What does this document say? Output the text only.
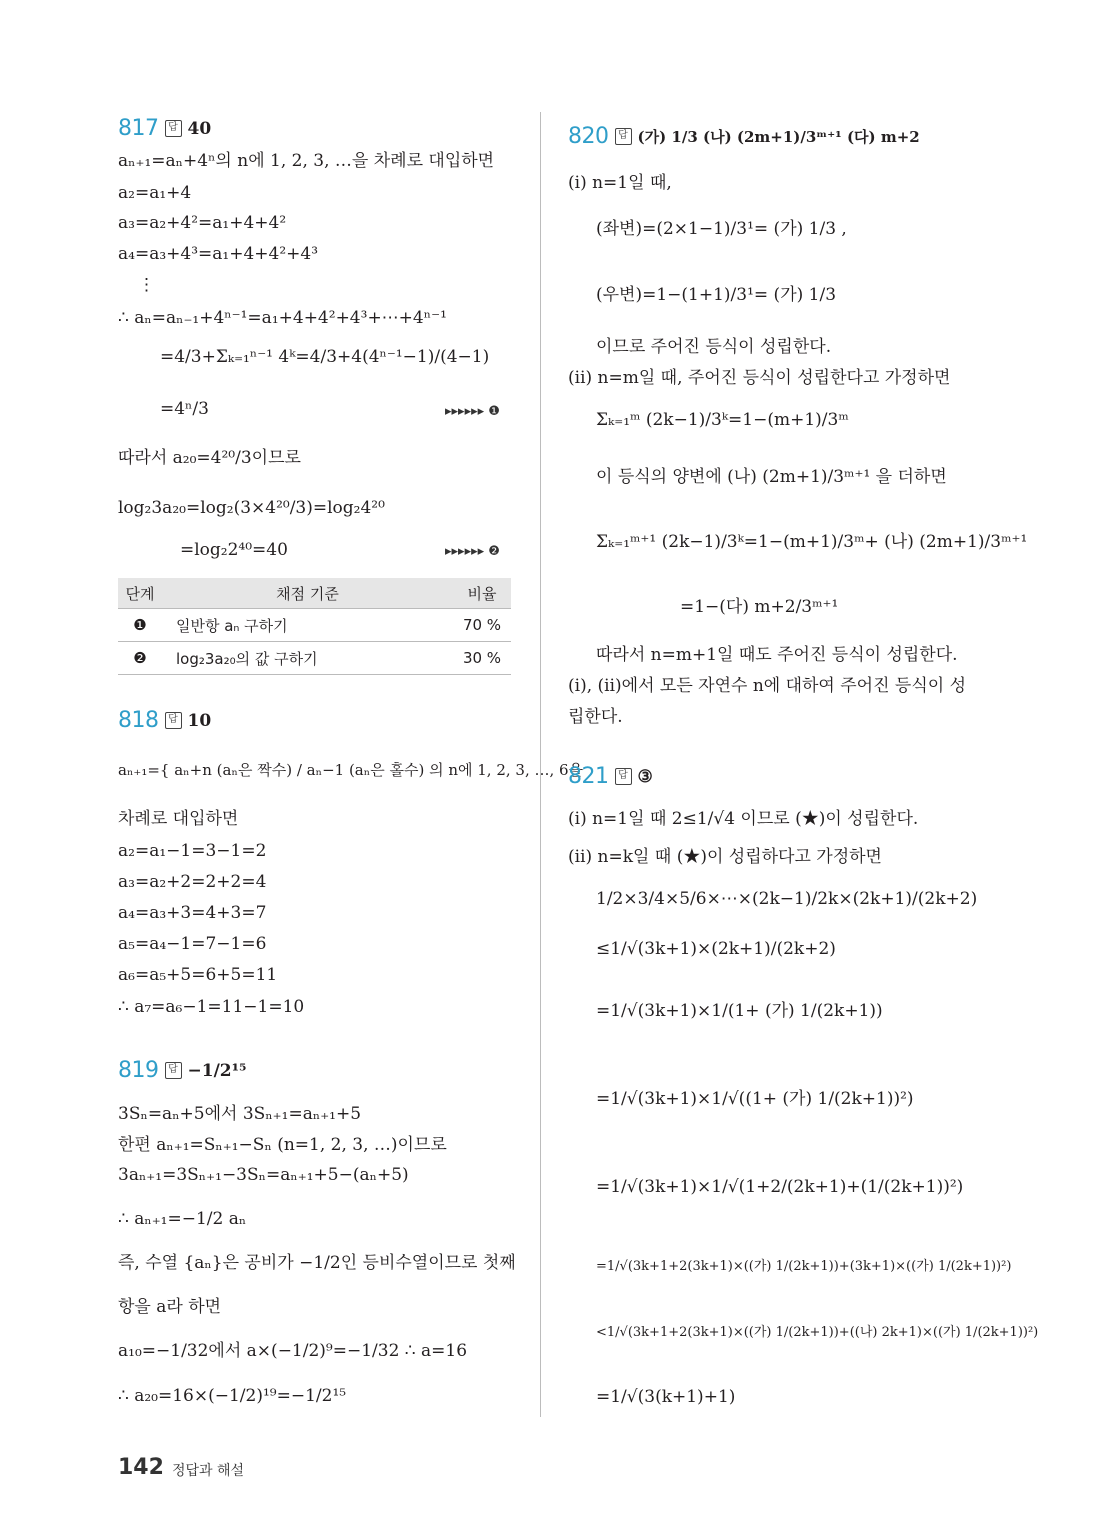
817 답 40
aₙ₊₁=aₙ+4ⁿ의 n에 1, 2, 3, …을 차례로 대입하면
a₂=a₁+4
a₃=a₂+4²=a₁+4+4²
a₄=a₃+4³=a₁+4+4²+4³
⋮
∴ aₙ=aₙ₋₁+4ⁿ⁻¹=a₁+4+4²+4³+⋯+4ⁿ⁻¹
=4/3+Σₖ₌₁ⁿ⁻¹ 4ᵏ=4/3+4(4ⁿ⁻¹−1)/(4−1)
=4ⁿ/3	▸▸▸▸▸▸ ❶
따라서 a₂₀=4²⁰/3이므로
log₂3a₂₀=log₂(3×4²⁰/3)=log₂4²⁰
=log₂2⁴⁰=40	▸▸▸▸▸▸ ❷
단계	채점 기준	비율
❶	일반항 aₙ 구하기	70 %
❷	log₂3a₂₀의 값 구하기	30 %
818 답 10
aₙ₊₁={ aₙ+n (aₙ은 짝수) / aₙ−1 (aₙ은 홀수) 의 n에 1, 2, 3, …, 6을
차례로 대입하면
a₂=a₁−1=3−1=2
a₃=a₂+2=2+2=4
a₄=a₃+3=4+3=7
a₅=a₄−1=7−1=6
a₆=a₅+5=6+5=11
∴ a₇=a₆−1=11−1=10
819 답 −1/2¹⁵
3Sₙ=aₙ+5에서 3Sₙ₊₁=aₙ₊₁+5
한편 aₙ₊₁=Sₙ₊₁−Sₙ (n=1, 2, 3, …)이므로
3aₙ₊₁=3Sₙ₊₁−3Sₙ=aₙ₊₁+5−(aₙ+5)
∴ aₙ₊₁=−1/2 aₙ
즉, 수열 {aₙ}은 공비가 −1/2인 등비수열이므로 첫째
항을 a라 하면
a₁₀=−1/32에서 a×(−1/2)⁹=−1/32 ∴ a=16
∴ a₂₀=16×(−1/2)¹⁹=−1/2¹⁵
820 답 (가) 1/3 (나) (2m+1)/3ᵐ⁺¹ (다) m+2
(ⅰ) n=1일 때,
(좌변)=(2×1−1)/3¹= (가) 1/3 ,
(우변)=1−(1+1)/3¹= (가) 1/3
이므로 주어진 등식이 성립한다.
(ⅱ) n=m일 때, 주어진 등식이 성립한다고 가정하면
Σₖ₌₁ᵐ (2k−1)/3ᵏ=1−(m+1)/3ᵐ
이 등식의 양변에 (나) (2m+1)/3ᵐ⁺¹ 을 더하면
Σₖ₌₁ᵐ⁺¹ (2k−1)/3ᵏ=1−(m+1)/3ᵐ+ (나) (2m+1)/3ᵐ⁺¹
=1−(다) m+2/3ᵐ⁺¹
따라서 n=m+1일 때도 주어진 등식이 성립한다.
(ⅰ), (ⅱ)에서 모든 자연수 n에 대하여 주어진 등식이 성
립한다.
821 답 ③
(ⅰ) n=1일 때 2≤1/√4 이므로 (★)이 성립한다.
(ⅱ) n=k일 때 (★)이 성립하다고 가정하면
1/2×3/4×5/6×⋯×(2k−1)/2k×(2k+1)/(2k+2)
≤1/√(3k+1)×(2k+1)/(2k+2)
=1/√(3k+1)×1/(1+ (가) 1/(2k+1))
=1/√(3k+1)×1/√((1+ (가) 1/(2k+1))²)
=1/√(3k+1)×1/√(1+2/(2k+1)+(1/(2k+1))²)
=1/√(3k+1+2(3k+1)×((가) 1/(2k+1))+(3k+1)×((가) 1/(2k+1))²)
<1/√(3k+1+2(3k+1)×((가) 1/(2k+1))+((나) 2k+1)×((가) 1/(2k+1))²)
=1/√(3(k+1)+1)
142 정답과 해설
